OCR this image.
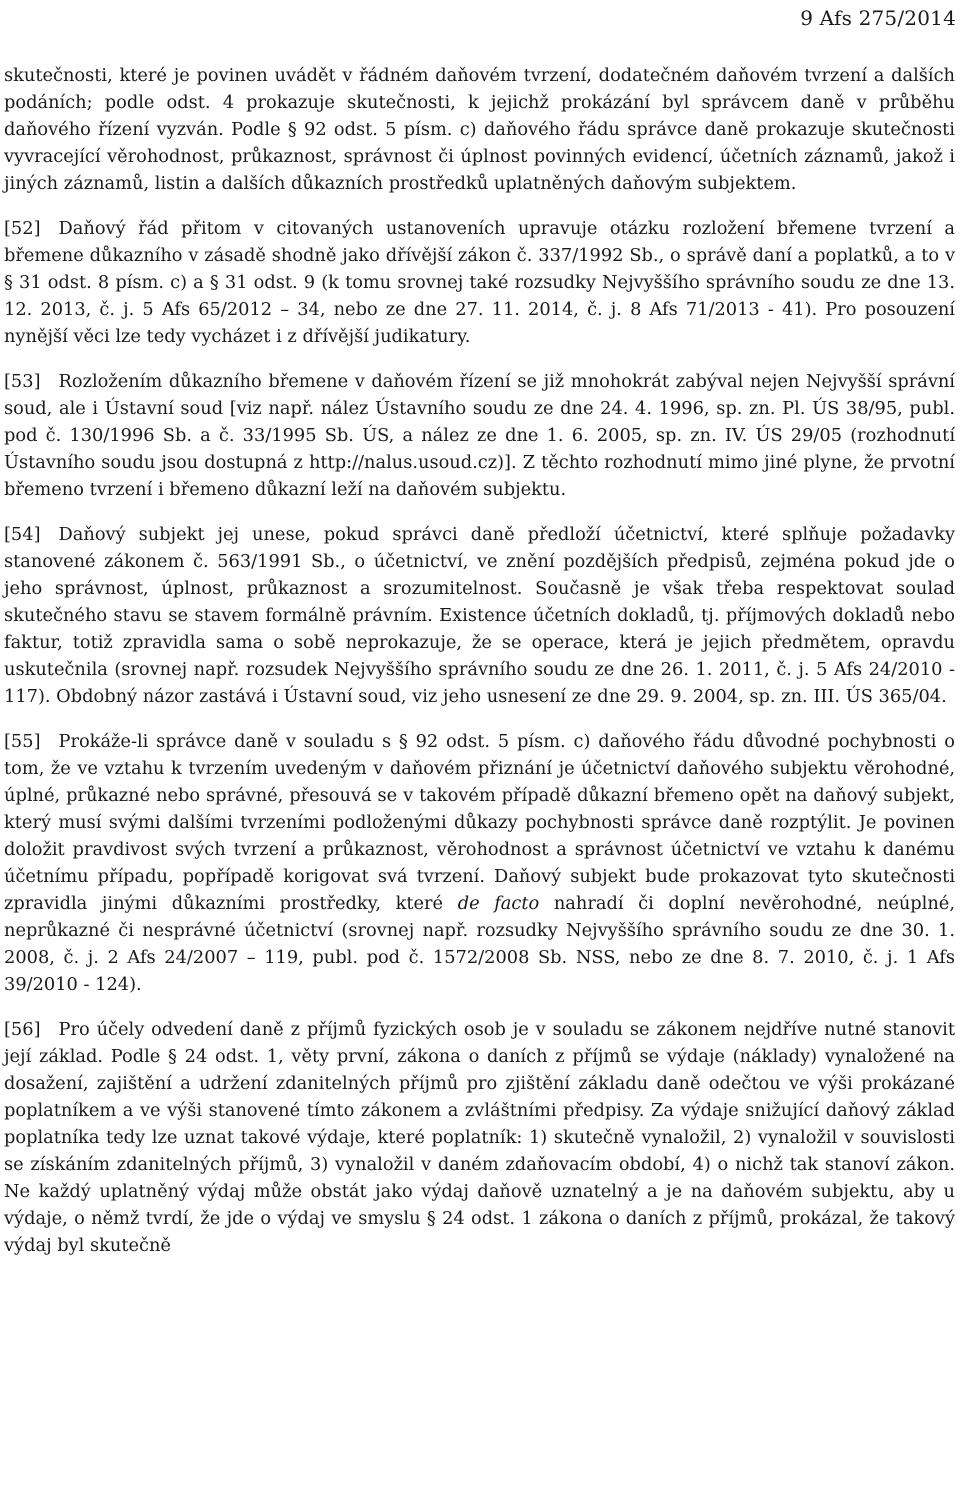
9 Afs 275/2014

skutečnosti, které je povinen uvádět v řádném daňovém tvrzení, dodatečném daňovém tvrzení a dalších podáních; podle odst. 4 prokazuje skutečnosti, k jejichž prokázání byl správcem daně v průběhu daňového řízení vyzván. Podle § 92 odst. 5 písm. c) daňového řádu správce daně prokazuje skutečnosti vyvracející věrohodnost, průkaznost, správnost či úplnost povinných evidencí, účetních záznamů, jakož i jiných záznamů, listin a dalších důkazních prostředků uplatněných daňovým subjektem.

[52] Daňový řád přitom v citovaných ustanoveních upravuje otázku rozložení břemene tvrzení a břemene důkazního v zásadě shodně jako dřívější zákon č. 337/1992 Sb., o správě daní a poplatků, a to v § 31 odst. 8 písm. c) a § 31 odst. 9 (k tomu srovnej také rozsudky Nejvyššího správního soudu ze dne 13. 12. 2013, č. j. 5 Afs 65/2012 – 34, nebo ze dne 27. 11. 2014, č. j. 8 Afs 71/2013 - 41). Pro posouzení nynější věci lze tedy vycházet i z dřívější judikatury.

[53] Rozložením důkazního břemene v daňovém řízení se již mnohokrát zabýval nejen Nejvyšší správní soud, ale i Ústavní soud [viz např. nález Ústavního soudu ze dne 24. 4. 1996, sp. zn. Pl. ÚS 38/95, publ. pod č. 130/1996 Sb. a č. 33/1995 Sb. ÚS, a nález ze dne 1. 6. 2005, sp. zn. IV. ÚS 29/05 (rozhodnutí Ústavního soudu jsou dostupná z http://nalus.usoud.cz)]. Z těchto rozhodnutí mimo jiné plyne, že prvotní břemeno tvrzení i břemeno důkazní leží na daňovém subjektu.

[54] Daňový subjekt jej unese, pokud správci daně předloží účetnictví, které splňuje požadavky stanovené zákonem č. 563/1991 Sb., o účetnictví, ve znění pozdějších předpisů, zejména pokud jde o jeho správnost, úplnost, průkaznost a srozumitelnost. Současně je však třeba respektovat soulad skutečného stavu se stavem formálně právním. Existence účetních dokladů, tj. příjmových dokladů nebo faktur, totiž zpravidla sama o sobě neprokazuje, že se operace, která je jejich předmětem, opravdu uskutečnila (srovnej např. rozsudek Nejvyššího správního soudu ze dne 26. 1. 2011, č. j. 5 Afs 24/2010 - 117). Obdobný názor zastává i Ústavní soud, viz jeho usnesení ze dne 29. 9. 2004, sp. zn. III. ÚS 365/04.

[55] Prokáže-li správce daně v souladu s § 92 odst. 5 písm. c) daňového řádu důvodné pochybnosti o tom, že ve vztahu k tvrzením uvedeným v daňovém přiznání je účetnictví daňového subjektu věrohodné, úplné, průkazné nebo správné, přesouvá se v takovém případě důkazní břemeno opět na daňový subjekt, který musí svými dalšími tvrzeními podloženými důkazy pochybnosti správce daně rozptýlit. Je povinen doložit pravdivost svých tvrzení a průkaznost, věrohodnost a správnost účetnictví ve vztahu k danému účetnímu případu, popřípadě korigovat svá tvrzení. Daňový subjekt bude prokazovat tyto skutečnosti zpravidla jinými důkazními prostředky, které de facto nahradí či doplní nevěrohodné, neúplné, neprůkazné či nesprávné účetnictví (srovnej např. rozsudky Nejvyššího správního soudu ze dne 30. 1. 2008, č. j. 2 Afs 24/2007 – 119, publ. pod č. 1572/2008 Sb. NSS, nebo ze dne 8. 7. 2010, č. j. 1 Afs 39/2010 - 124).

[56] Pro účely odvedení daně z příjmů fyzických osob je v souladu se zákonem nejdříve nutné stanovit její základ. Podle § 24 odst. 1, věty první, zákona o daních z příjmů se výdaje (náklady) vynaložené na dosažení, zajištění a udržení zdanitelných příjmů pro zjištění základu daně odečtou ve výši prokázané poplatníkem a ve výši stanovené tímto zákonem a zvláštními předpisy. Za výdaje snižující daňový základ poplatníka tedy lze uznat takové výdaje, které poplatník: 1) skutečně vynaložil, 2) vynaložil v souvislosti se získáním zdanitelných příjmů, 3) vynaložil v daném zdaňovacím období, 4) o nichž tak stanoví zákon. Ne každý uplatněný výdaj může obstát jako výdaj daňově uznatelný a je na daňovém subjektu, aby u výdaje, o němž tvrdí, že jde o výdaj ve smyslu § 24 odst. 1 zákona o daních z příjmů, prokázal, že takový výdaj byl skutečně
